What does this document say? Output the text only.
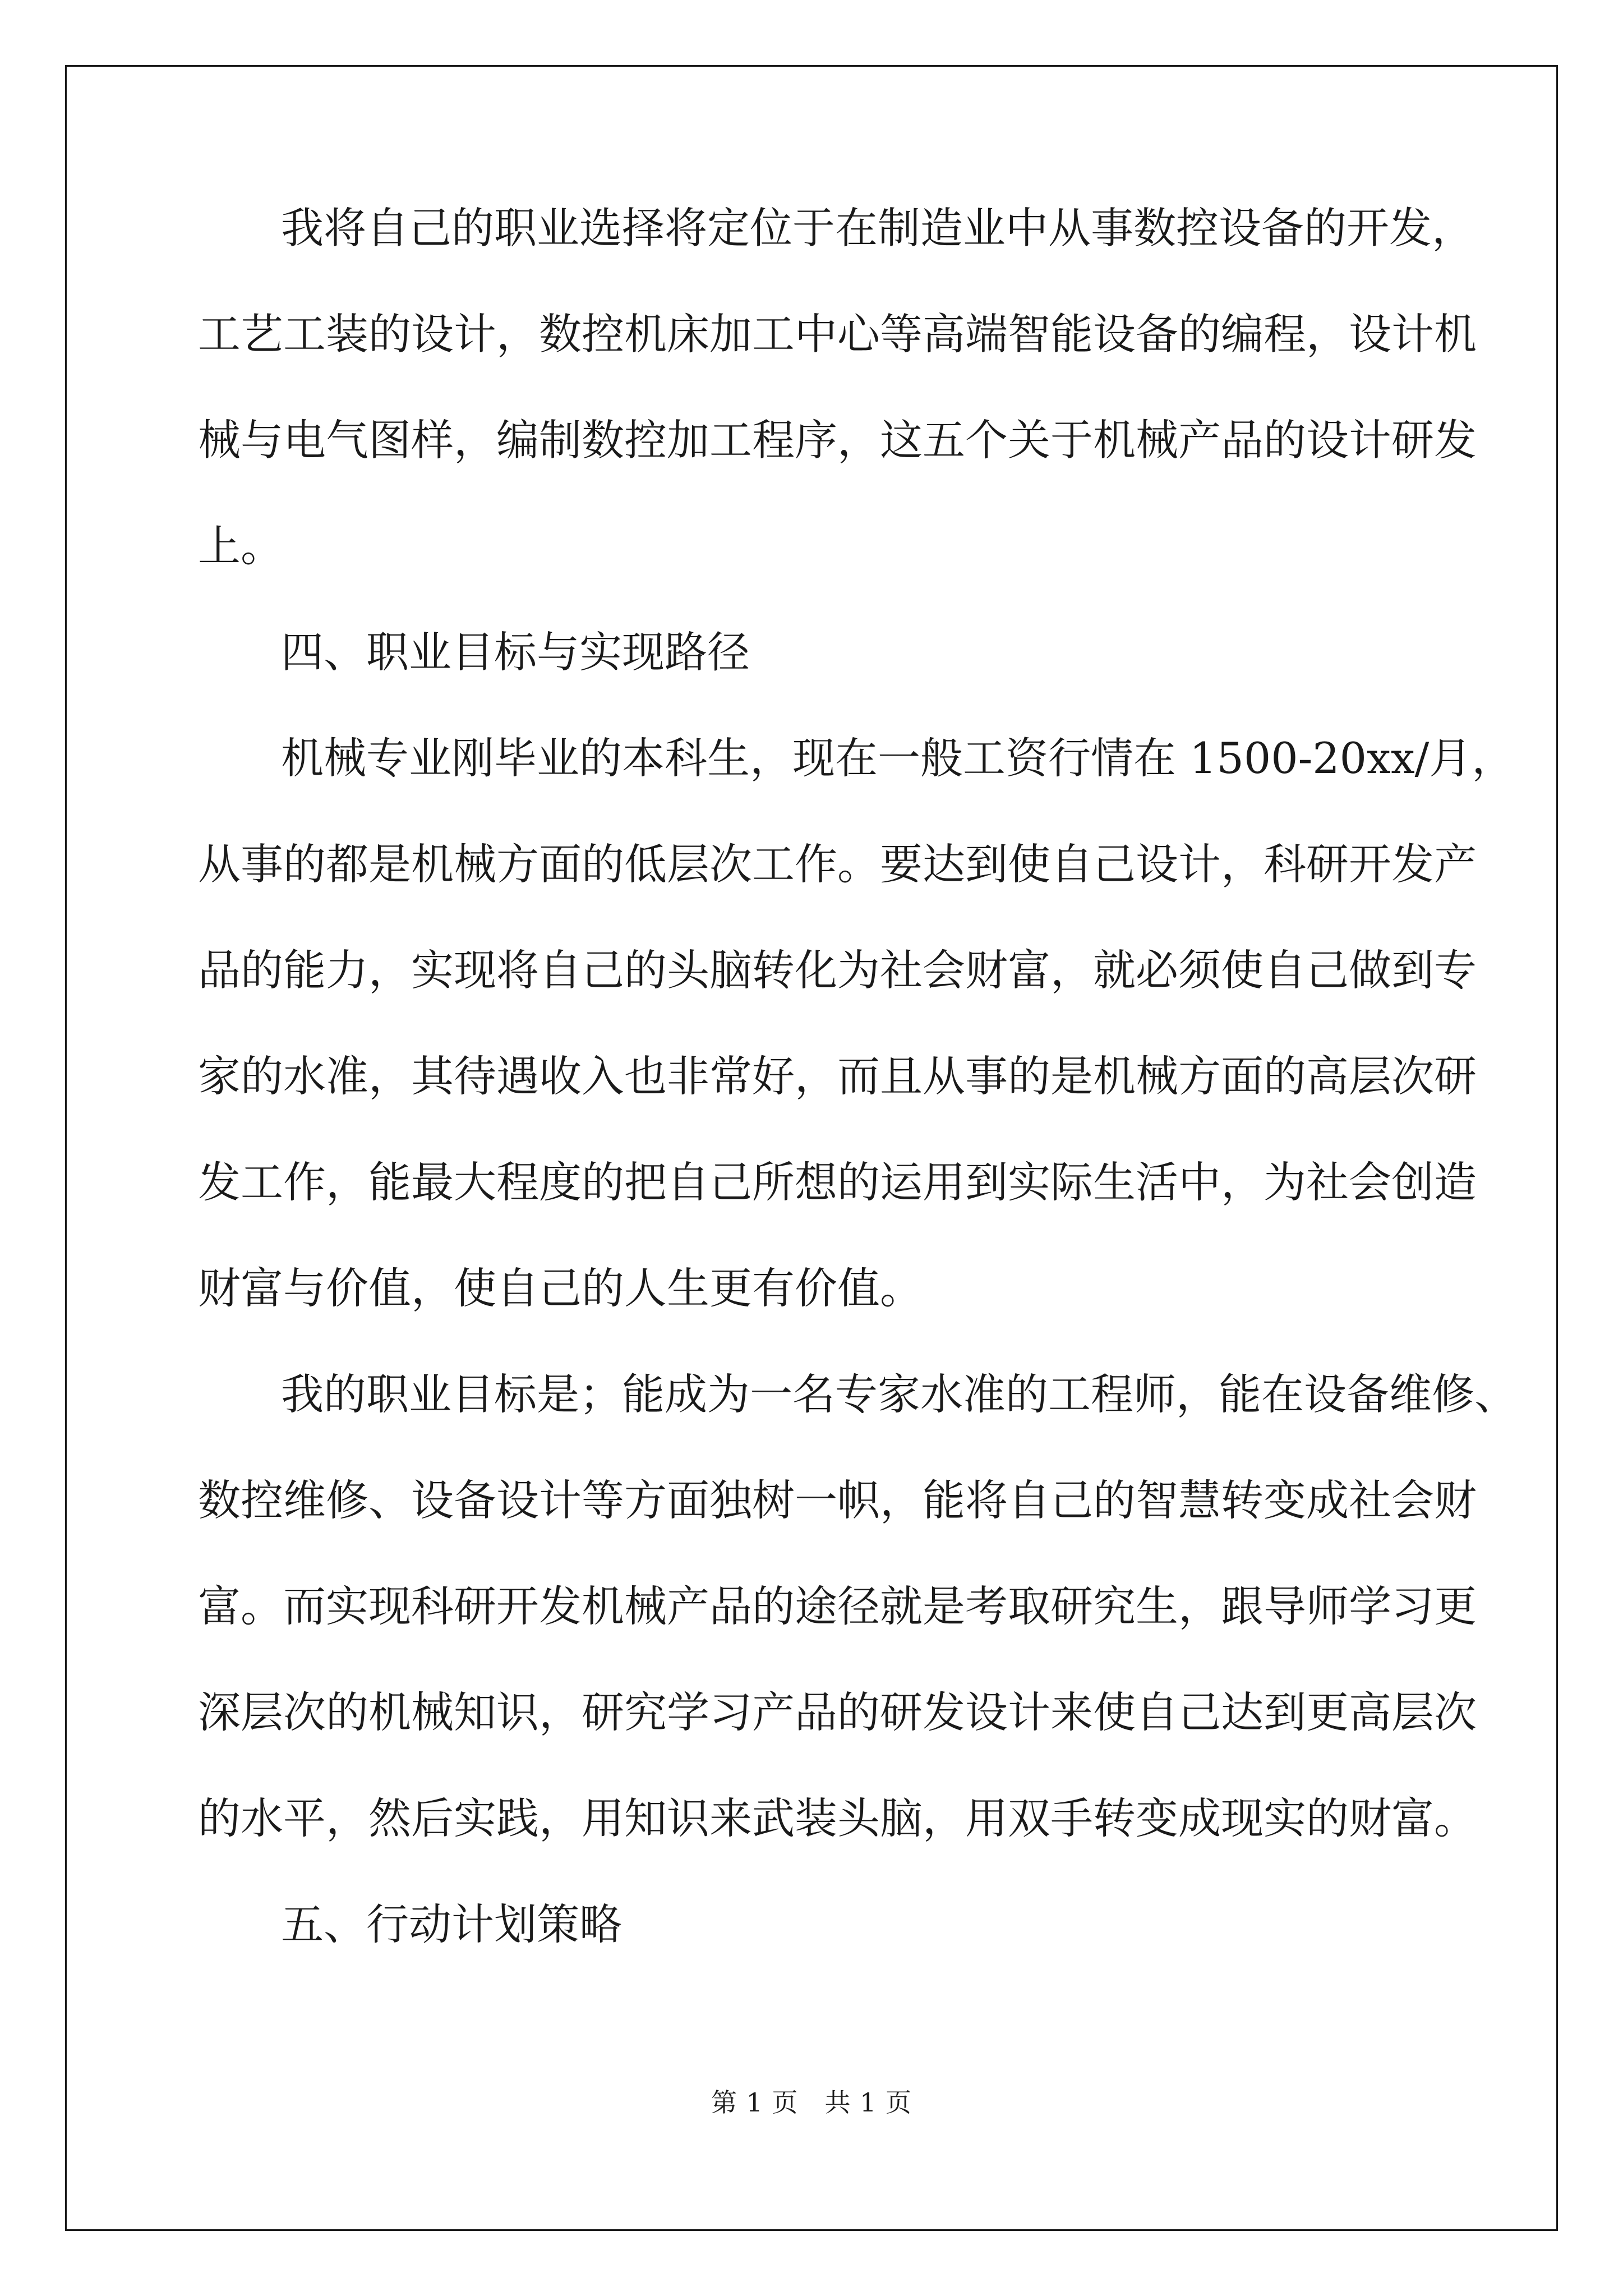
我将自己的职业选择将定位于在制造业中从事数控设备的开发，
工艺工装的设计，数控机床加工中心等高端智能设备的编程，设计机
械与电气图样，编制数控加工程序，这五个关于机械产品的设计研发
上。
四、职业目标与实现路径
机械专业刚毕业的本科生，现在一般工资行情在 1500-20xx/月，
从事的都是机械方面的低层次工作。要达到使自己设计，科研开发产
品的能力，实现将自己的头脑转化为社会财富，就必须使自己做到专
家的水准，其待遇收入也非常好，而且从事的是机械方面的高层次研
发工作，能最大程度的把自己所想的运用到实际生活中，为社会创造
财富与价值，使自己的人生更有价值。
我的职业目标是；能成为一名专家水准的工程师，能在设备维修、
数控维修、设备设计等方面独树一帜，能将自己的智慧转变成社会财
富。而实现科研开发机械产品的途径就是考取研究生，跟导师学习更
深层次的机械知识，研究学习产品的研发设计来使自己达到更高层次
的水平，然后实践，用知识来武装头脑，用双手转变成现实的财富。
五、行动计划策略
第 1 页　共 1 页
